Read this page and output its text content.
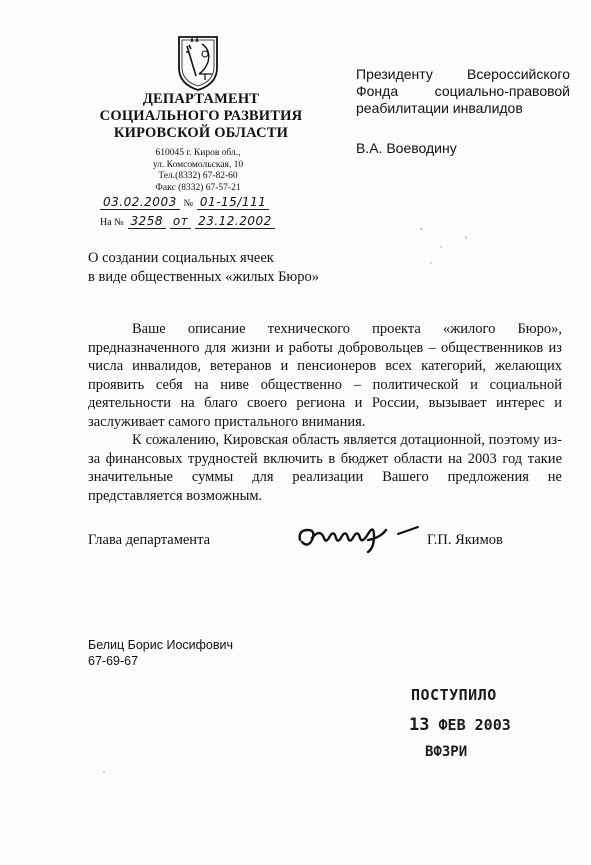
ДЕПАРТАМЕНТ
СОЦИАЛЬНОГО РАЗВИТИЯ
КИРОВСКОЙ ОБЛАСТИ
610045 г. Киров обл.,
ул. Комсомольская, 10
Тел.(8332) 67-82-60
Факс (8332) 67-57-21
03.02.2003 № 01-15/111
На № 3258 от 23.12.2002
Президенту Всероссийского
Фонда	социально-правовой
реабилитации инвалидов
В.А. Воеводину
О создании социальных ячеек
в виде общественных «жилых Бюро»

Ваше описание технического проекта «жилого Бюро», предназначенного для жизни и работы добровольцев – общественников из числа инвалидов, ветеранов и пенсионеров всех категорий, желающих проявить себя на ниве общественно – политической и социальной деятельности на благо своего региона и России, вызывает интерес и заслуживает самого пристального внимания.

К сожалению, Кировская область является дотационной, поэтому из-за финансовых трудностей включить в бюджет области на 2003 год такие значительные суммы для реализации Вашего предложения не представляется возможным.

Глава департамента	Г.П. Якимов
Белиц Борис Иосифович
67-69-67
ПОСТУПИЛО
13 ФЕВ 2003
ВФЗРИ
